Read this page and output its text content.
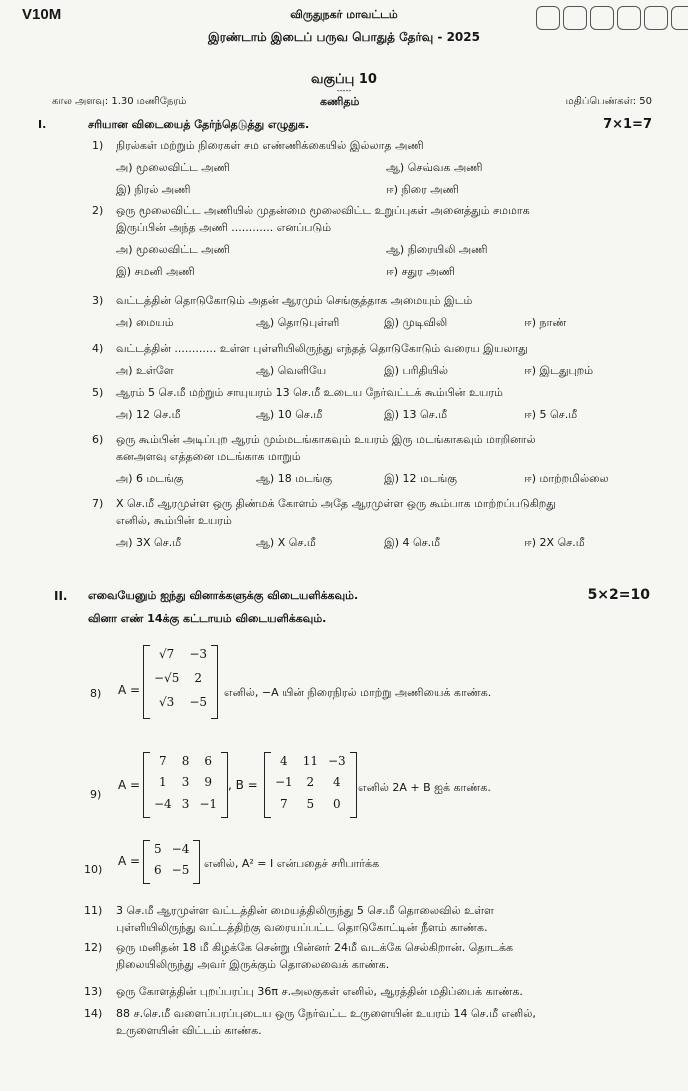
V10M	விருதுநகர் மாவட்டம்
இரண்டாம் இடைப் பருவ பொதுத் தேர்வு - 2025
வகுப்பு 10
-----
கால அளவு: 1.30 மணிநேரம்	கணிதம்	மதிப்பெண்கள்: 50
I.	சரியான விடையைத் தேர்ந்தெடுத்து எழுதுக.	7×1=7
1) நிரல்கள் மற்றும் நிரைகள் சம எண்ணிக்கையில் இல்லாத அணி
அ) மூலைவிட்ட அணி	ஆ) செவ்வக அணி
இ) நிரல் அணி	ஈ) நிரை அணி
2) ஒரு மூலைவிட்ட அணியில் முதன்மை மூலைவிட்ட உறுப்புகள் அனைத்தும் சமமாக
இருப்பின் அந்த அணி ............ எனப்படும்
அ) மூலைவிட்ட அணி	ஆ) நிரையிலி அணி
இ) சமனி அணி	ஈ) சதுர அணி
3) வட்டத்தின் தொடுகோடும் அதன் ஆரமும் செங்குத்தாக அமையும் இடம்
அ) மையம்	ஆ) தொடுபுள்ளி	இ) முடிவிலி	ஈ) நாண்
4) வட்டத்தின் ............ உள்ள புள்ளியிலிருந்து எந்தத் தொடுகோடும் வரைய இயலாது
அ) உள்ளே	ஆ) வெளியே	இ) பரிதியில்	ஈ) இடதுபுறம்
5) ஆரம் 5 செ.மீ மற்றும் சாயுயரம் 13 செ.மீ உடைய நேர்வட்டக் கூம்பின் உயரம்
அ) 12 செ.மீ	ஆ) 10 செ.மீ	இ) 13 செ.மீ	ஈ) 5 செ.மீ
6) ஒரு கூம்பின் அடிப்புற ஆரம் மும்மடங்காகவும் உயரம் இரு மடங்காகவும் மாறினால்
கனஅளவு எத்தனை மடங்காக மாறும்
அ) 6 மடங்கு	ஆ) 18 மடங்கு	இ) 12 மடங்கு	ஈ) மாற்றமில்லை
7) X செ.மீ ஆரமுள்ள ஒரு திண்மக் கோளம் அதே ஆரமுள்ள ஒரு கூம்பாக மாற்றப்படுகிறது
எனில், கூம்பின் உயரம்
அ) 3X செ.மீ	ஆ) X செ.மீ	இ) 4 செ.மீ	ஈ) 2X செ.மீ
II. எவையேனும் ஐந்து வினாக்களுக்கு விடையளிக்கவும்.	5×2=10
வினா எண் 14க்கு கட்டாயம் விடையளிக்கவும்.
8) A =
√7	−3
−√5	2
√3	−5
எனில், −A யின் நிரைநிரல் மாற்று அணியைக் காண்க.
9)
A =
7	8	6
1	3	9
−4 3 −1
, B =
4	11 −3
−1	2	4
7	5	0
எனில் 2A + B ஐக் காண்க.
10)
A =
5 −4
6 −5 எனில், A² = I என்பதைச் சரிபார்க்க
11) 3 செ.மீ ஆரமுள்ள வட்டத்தின் மையத்திலிருந்து 5 செ.மீ தொலைவில் உள்ள
புள்ளியிலிருந்து வட்டத்திற்கு வரையப்பட்ட தொடுகோட்டின் நீளம் காண்க.
12) ஒரு மனிதன் 18 மீ கிழக்கே சென்று பின்னர் 24மீ வடக்கே செல்கிறான். தொடக்க
நிலையிலிருந்து அவர் இருக்கும் தொலைவைக் காண்க.
13) ஒரு கோளத்தின் புறப்பரப்பு 36π ச.அலகுகள் எனில், ஆரத்தின் மதிப்பைக் காண்க.
14) 88 ச.செ.மீ வளைப்பரப்புடைய ஒரு நேர்வட்ட உருளையின் உயரம் 14 செ.மீ எனில்,
உருளையின் விட்டம் காண்க.
